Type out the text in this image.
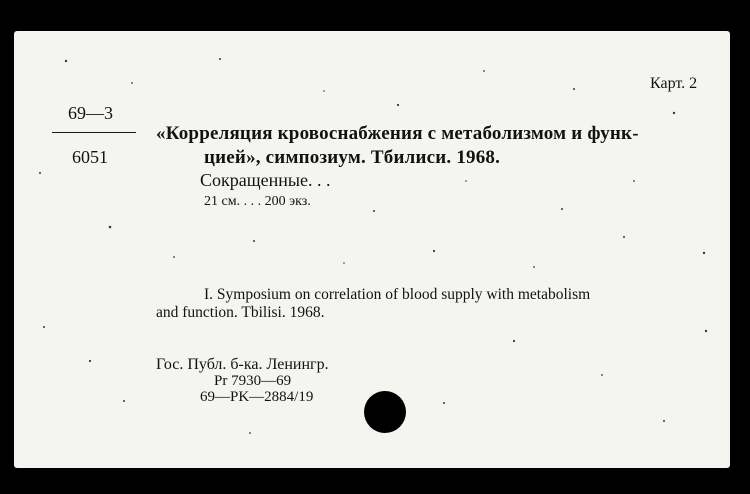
Карт. 2
69—3
6051
«Корреляция кровоснабжения с метаболизмом и функ-
цией», симпозиум. Тбилиси. 1968.
Сокращенные. . .
21 см. . . . 200 экз.
I. Symposium on correlation of blood supply with metabolism
and function. Tbilisi. 1968.
Гос. Публ. б-ка. Ленингр.
Pr 7930—69
69—PK—2884/19
